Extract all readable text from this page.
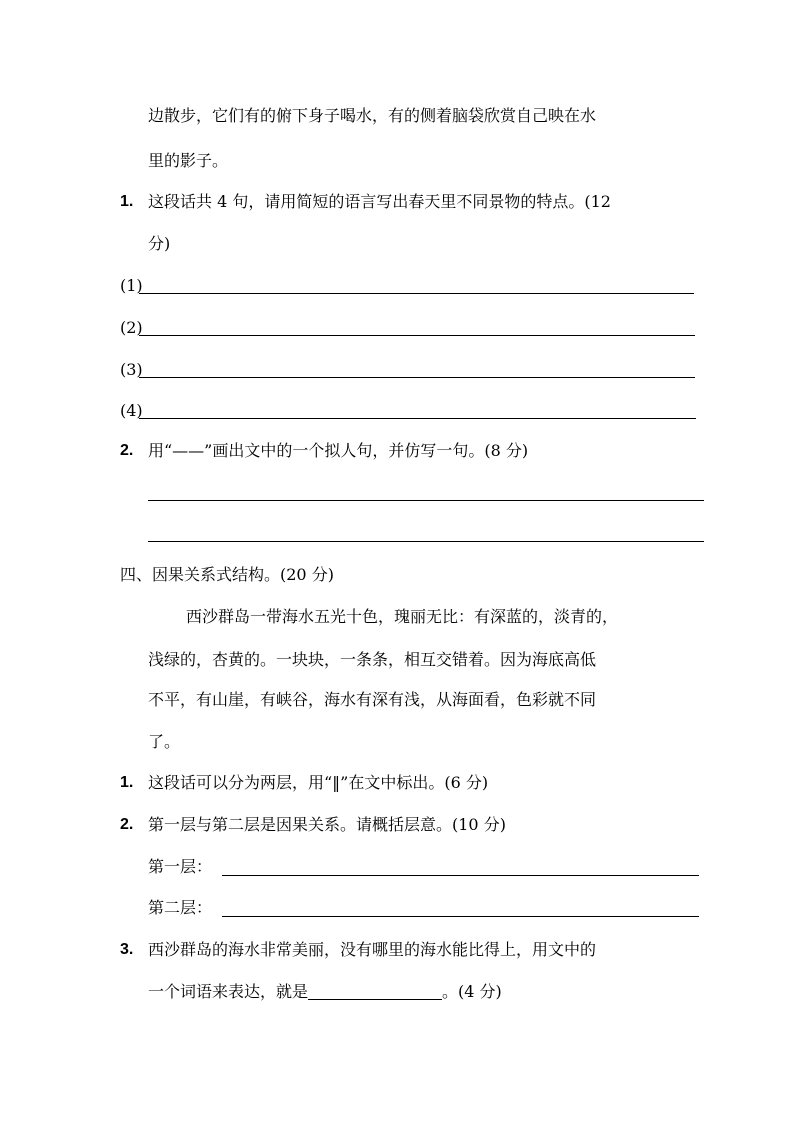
边散步，它们有的俯下身子喝水，有的侧着脑袋欣赏自己映在水
里的影子。
1. 这段话共 4 句，请用简短的语言写出春天里不同景物的特点。(12
分)
(1)
(2)
(3)
(4)
2. 用“——”画出文中的一个拟人句，并仿写一句。(8 分)
四、因果关系式结构。(20 分)
西沙群岛一带海水五光十色，瑰丽无比：有深蓝的，淡青的，
浅绿的，杏黄的。一块块，一条条，相互交错着。因为海底高低
不平，有山崖，有峡谷，海水有深有浅，从海面看，色彩就不同
了。
1. 这段话可以分为两层，用“‖”在文中标出。(6 分)
2. 第一层与第二层是因果关系。请概括层意。(10 分)
第一层：
第二层：
3. 西沙群岛的海水非常美丽，没有哪里的海水能比得上，用文中的
一个词语来表达，就是	。(4 分)
